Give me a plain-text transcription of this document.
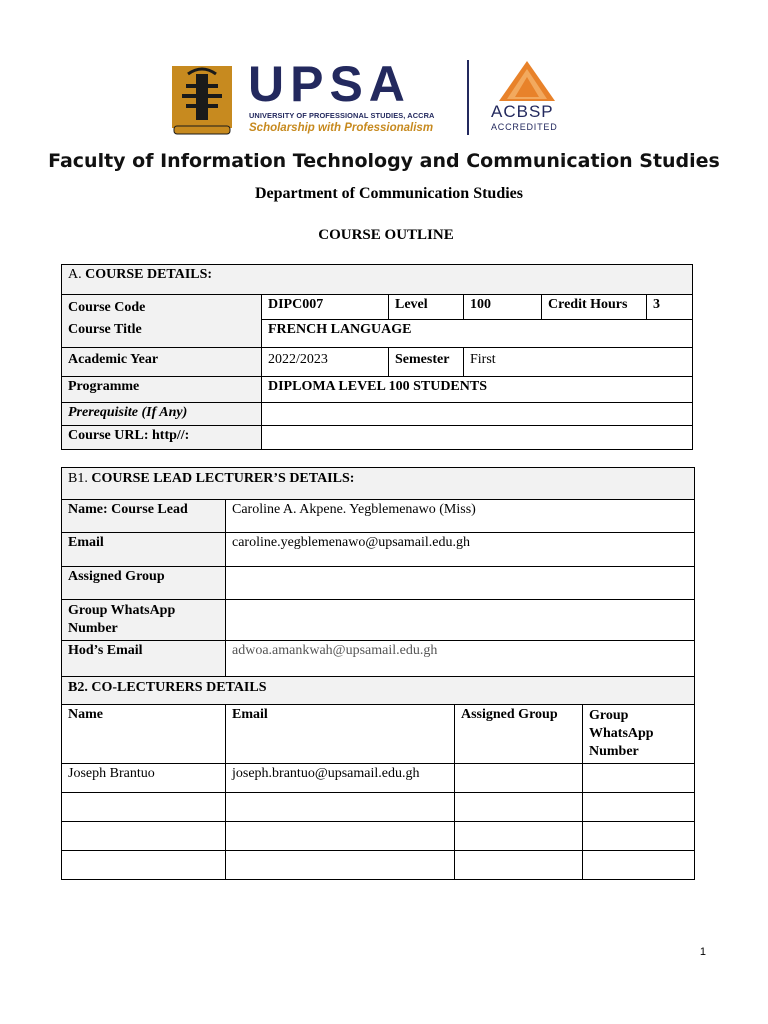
UPSA
UNIVERSITY OF PROFESSIONAL STUDIES, ACCRA
Scholarship with Professionalism
ACBSP
ACCREDITED
Faculty of Information Technology and Communication Studies
Department of Communication Studies
COURSE OUTLINE
A. COURSE DETAILS:					
Course Code	DIPC007	Level	100	Credit Hours	3
Course Title	FRENCH LANGUAGE				
Academic Year	2022/2023	Semester	First		
Programme	DIPLOMA LEVEL 100 STUDENTS				
Prerequisite (If Any)					
Course URL: http//:					
B1. COURSE LEAD LECTURER’S DETAILS:			
Name: Course Lead	Caroline A. Akpene. Yegblemenawo (Miss)		
Email	caroline.yegblemenawo@upsamail.edu.gh		
Assigned Group			
Group WhatsApp Number			
Hod’s Email	adwoa.amankwah@upsamail.edu.gh		
B2. CO-LECTURERS DETAILS			
Name	Email	Assigned Group	Group WhatsApp Number
Joseph Brantuo	joseph.brantuo@upsamail.edu.gh		

1
